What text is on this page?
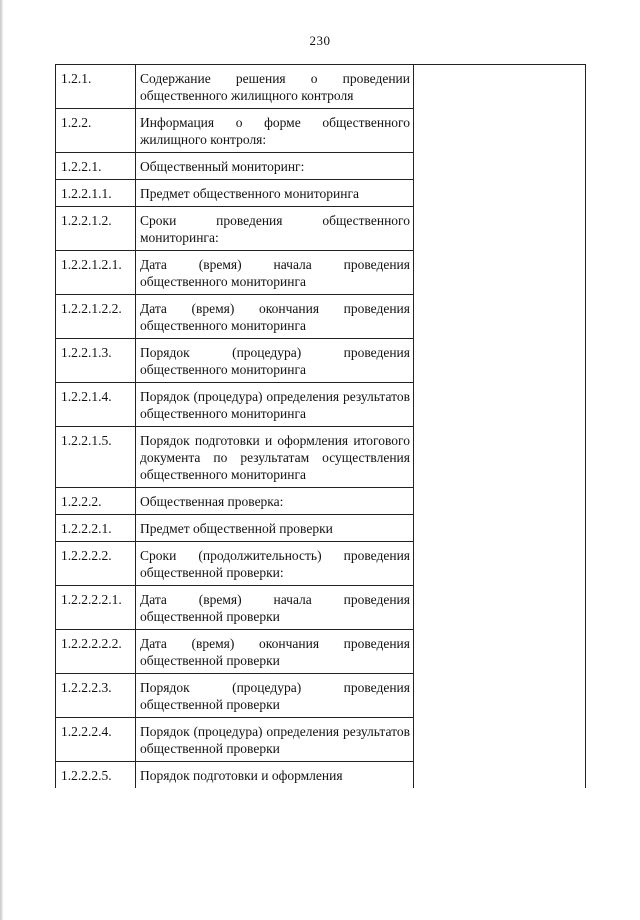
230
1.2.1.	Содержание решения о проведении общественного жилищного контроля
1.2.2.	Информация о форме общественного жилищного контроля:
1.2.2.1.	Общественный мониторинг:
1.2.2.1.1.	Предмет общественного мониторинга
1.2.2.1.2.	Сроки проведения общественного мониторинга:
1.2.2.1.2.1.	Дата (время) начала проведения общественного мониторинга
1.2.2.1.2.2.	Дата (время) окончания проведения общественного мониторинга
1.2.2.1.3.	Порядок (процедура) проведения общественного мониторинга
1.2.2.1.4.	Порядок (процедура) определения результатов общественного мониторинга
1.2.2.1.5.	Порядок подготовки и оформления итогового документа по результатам осуществления общественного мониторинга
1.2.2.2.	Общественная проверка:
1.2.2.2.1.	Предмет общественной проверки
1.2.2.2.2.	Сроки (продолжительность) проведения общественной проверки:
1.2.2.2.2.1.	Дата (время) начала проведения общественной проверки
1.2.2.2.2.2.	Дата (время) окончания проведения общественной проверки
1.2.2.2.3.	Порядок (процедура) проведения общественной проверки
1.2.2.2.4.	Порядок (процедура) определения результатов общественной проверки
1.2.2.2.5.	Порядок подготовки и оформления
